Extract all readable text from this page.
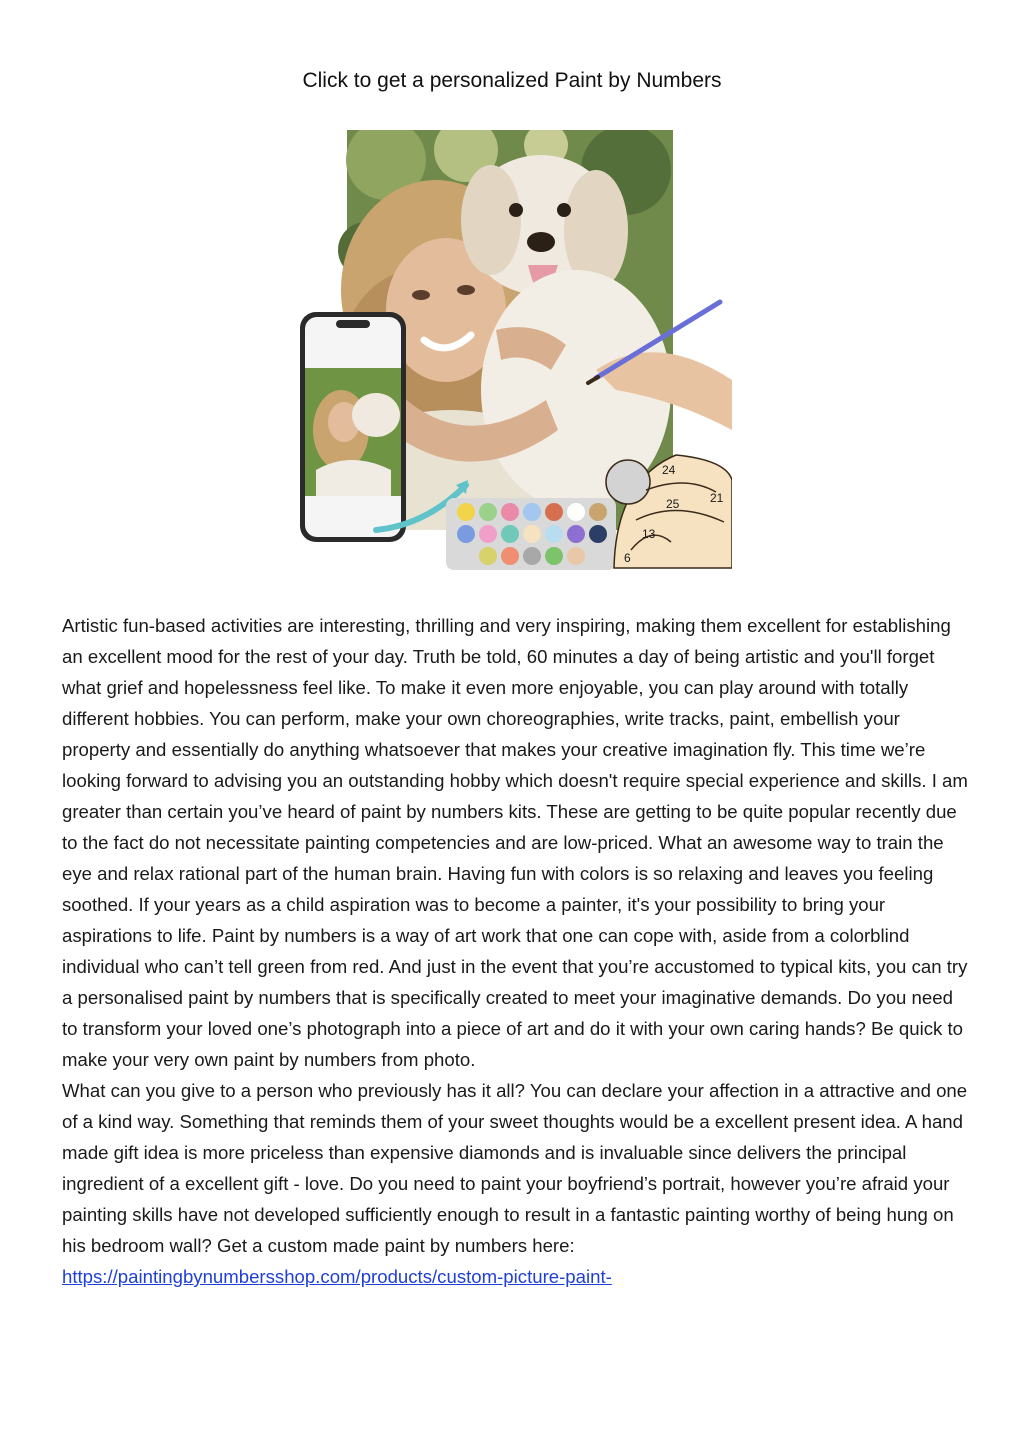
Click to get a personalized Paint by Numbers
24
25	21
13
6

Artistic fun-based activities are interesting, thrilling and very inspiring, making them excellent for establishing an excellent mood for the rest of your day. Truth be told, 60 minutes a day of being artistic and you'll forget what grief and hopelessness feel like. To make it even more enjoyable, you can play around with totally different hobbies. You can perform, make your own choreographies, write tracks, paint, embellish your property and essentially do anything whatsoever that makes your creative imagination fly. This time we’re looking forward to advising you an outstanding hobby which doesn't require special experience and skills. I am greater than certain you’ve heard of paint by numbers kits. These are getting to be quite popular recently due to the fact do not necessitate painting competencies and are low-priced. What an awesome way to train the eye and relax rational part of the human brain. Having fun with colors is so relaxing and leaves you feeling soothed. If your years as a child aspiration was to become a painter, it's your possibility to bring your aspirations to life. Paint by numbers is a way of art work that one can cope with, aside from a colorblind individual who can’t tell green from red. And just in the event that you’re accustomed to typical kits, you can try a personalised paint by numbers that is specifically created to meet your imaginative demands. Do you need to transform your loved one’s photograph into a piece of art and do it with your own caring hands? Be quick to make your very own paint by numbers from photo.

What can you give to a person who previously has it all? You can declare your affection in a attractive and one of a kind way. Something that reminds them of your sweet thoughts would be a excellent present idea. A hand made gift idea is more priceless than expensive diamonds and is invaluable since delivers the principal ingredient of a excellent gift - love. Do you need to paint your boyfriend’s portrait, however you’re afraid your painting skills have not developed sufficiently enough to result in a fantastic painting worthy of being hung on his bedroom wall? Get a custom made paint by numbers here: https://paintingbynumbersshop.com/products/custom-picture-paint-
